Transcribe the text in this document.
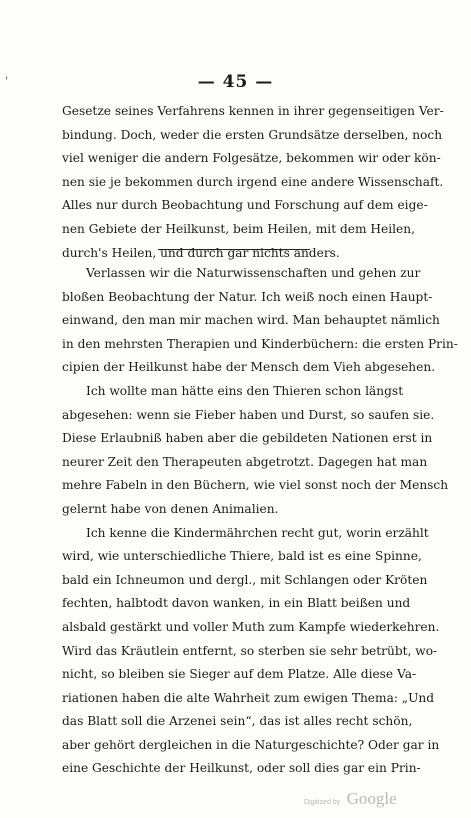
'	— 45 —
Gesetze seines Verfahrens kennen in ihrer gegenseitigen Ver-
bindung. Doch, weder die ersten Grundsätze derselben, noch
viel weniger die andern Folgesätze, bekommen wir oder kön-
nen sie je bekommen durch irgend eine andere Wissenschaft.
Alles nur durch Beobachtung und Forschung auf dem eige-
nen Gebiete der Heilkunst, beim Heilen, mit dem Heilen,
durch's Heilen, und durch gar nichts anders.
Verlassen wir die Naturwissenschaften und gehen zur
bloßen Beobachtung der Natur. Ich weiß noch einen Haupt-
einwand, den man mir machen wird. Man behauptet nämlich
in den mehrsten Therapien und Kinderbüchern: die ersten Prin-
cipien der Heilkunst habe der Mensch dem Vieh abgesehen.
Ich wollte man hätte eins den Thieren schon längst
abgesehen: wenn sie Fieber haben und Durst, so saufen sie.
Diese Erlaubniß haben aber die gebildeten Nationen erst in
neurer Zeit den Therapeuten abgetrotzt. Dagegen hat man
mehre Fabeln in den Büchern, wie viel sonst noch der Mensch
gelernt habe von denen Animalien.
Ich kenne die Kindermährchen recht gut, worin erzählt
wird, wie unterschiedliche Thiere, bald ist es eine Spinne,
bald ein Ichneumon und dergl., mit Schlangen oder Kröten
fechten, halbtodt davon wanken, in ein Blatt beißen und
alsbald gestärkt und voller Muth zum Kampfe wiederkehren.
Wird das Kräutlein entfernt, so sterben sie sehr betrübt, wo-
nicht, so bleiben sie Sieger auf dem Platze. Alle diese Va-
riationen haben die alte Wahrheit zum ewigen Thema: „Und
das Blatt soll die Arzenei sein“, das ist alles recht schön,
aber gehört dergleichen in die Naturgeschichte? Oder gar in
eine Geschichte der Heilkunst, oder soll dies gar ein Prin-
Digitized by Google
